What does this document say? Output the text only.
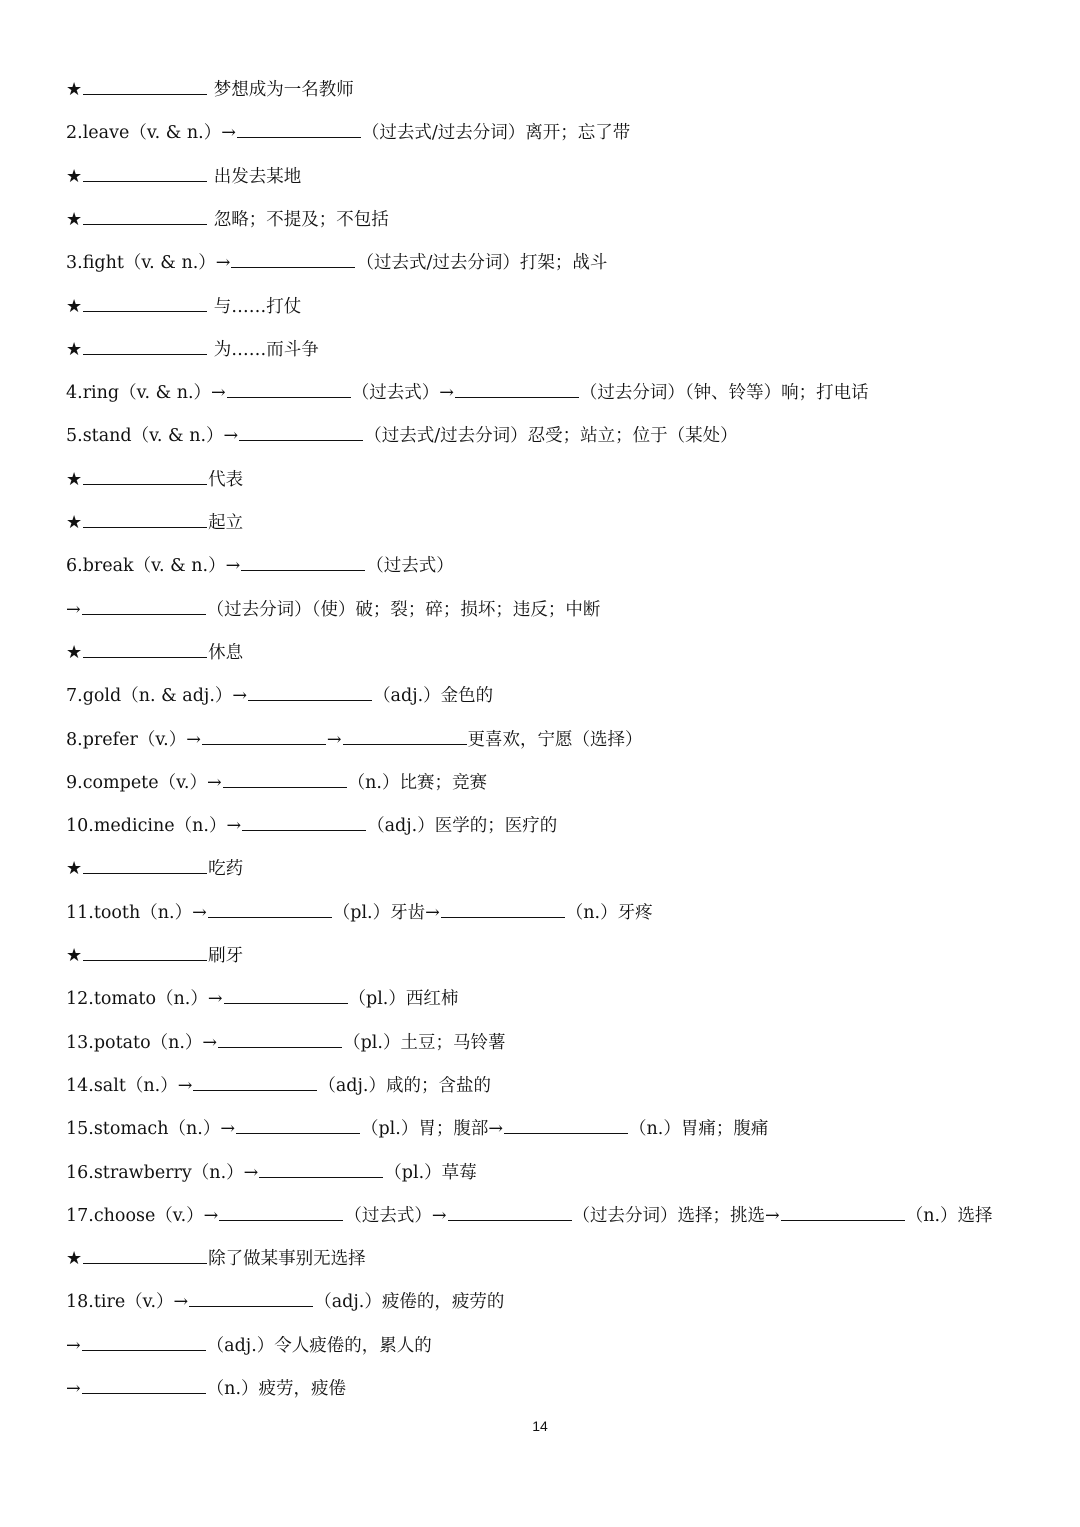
★	梦想成为一名教师
2.leave（v. & n.）→	（过去式/过去分词）离开；忘了带
★	出发去某地
★	忽略；不提及；不包括
3.fight（v. & n.）→	（过去式/过去分词）打架；战斗
★	与……打仗
★	为……而斗争
4.ring（v. & n.）→	（过去式）→	（过去分词）（钟、铃等）响；打电话
5.stand（v. & n.）→	（过去式/过去分词）忍受；站立；位于（某处）
★	代表
★	起立
6.break（v. & n.）→	（过去式）
→	（过去分词）（使）破；裂；碎；损坏；违反；中断
★	休息
7.gold（n. & adj.）→	（adj.）金色的
8.prefer（v.）→	→	更喜欢，宁愿（选择）
9.compete（v.）→	（n.）比赛；竞赛
10.medicine（n.）→	（adj.）医学的；医疗的
★	吃药
11.tooth（n.）→	（pl.）牙齿→	（n.）牙疼
★	刷牙
12.tomato（n.）→	（pl.）西红柿
13.potato（n.）→	（pl.）土豆；马铃薯
14.salt（n.）→	（adj.）咸的；含盐的
15.stomach（n.）→	（pl.）胃；腹部→	（n.）胃痛；腹痛
16.strawberry（n.）→	（pl.）草莓
17.choose（v.）→	（过去式）→	（过去分词）选择；挑选→	（n.）选择
★	除了做某事别无选择
18.tire（v.）→	（adj.）疲倦的，疲劳的
→	（adj.）令人疲倦的，累人的
→	（n.）疲劳，疲倦
14
